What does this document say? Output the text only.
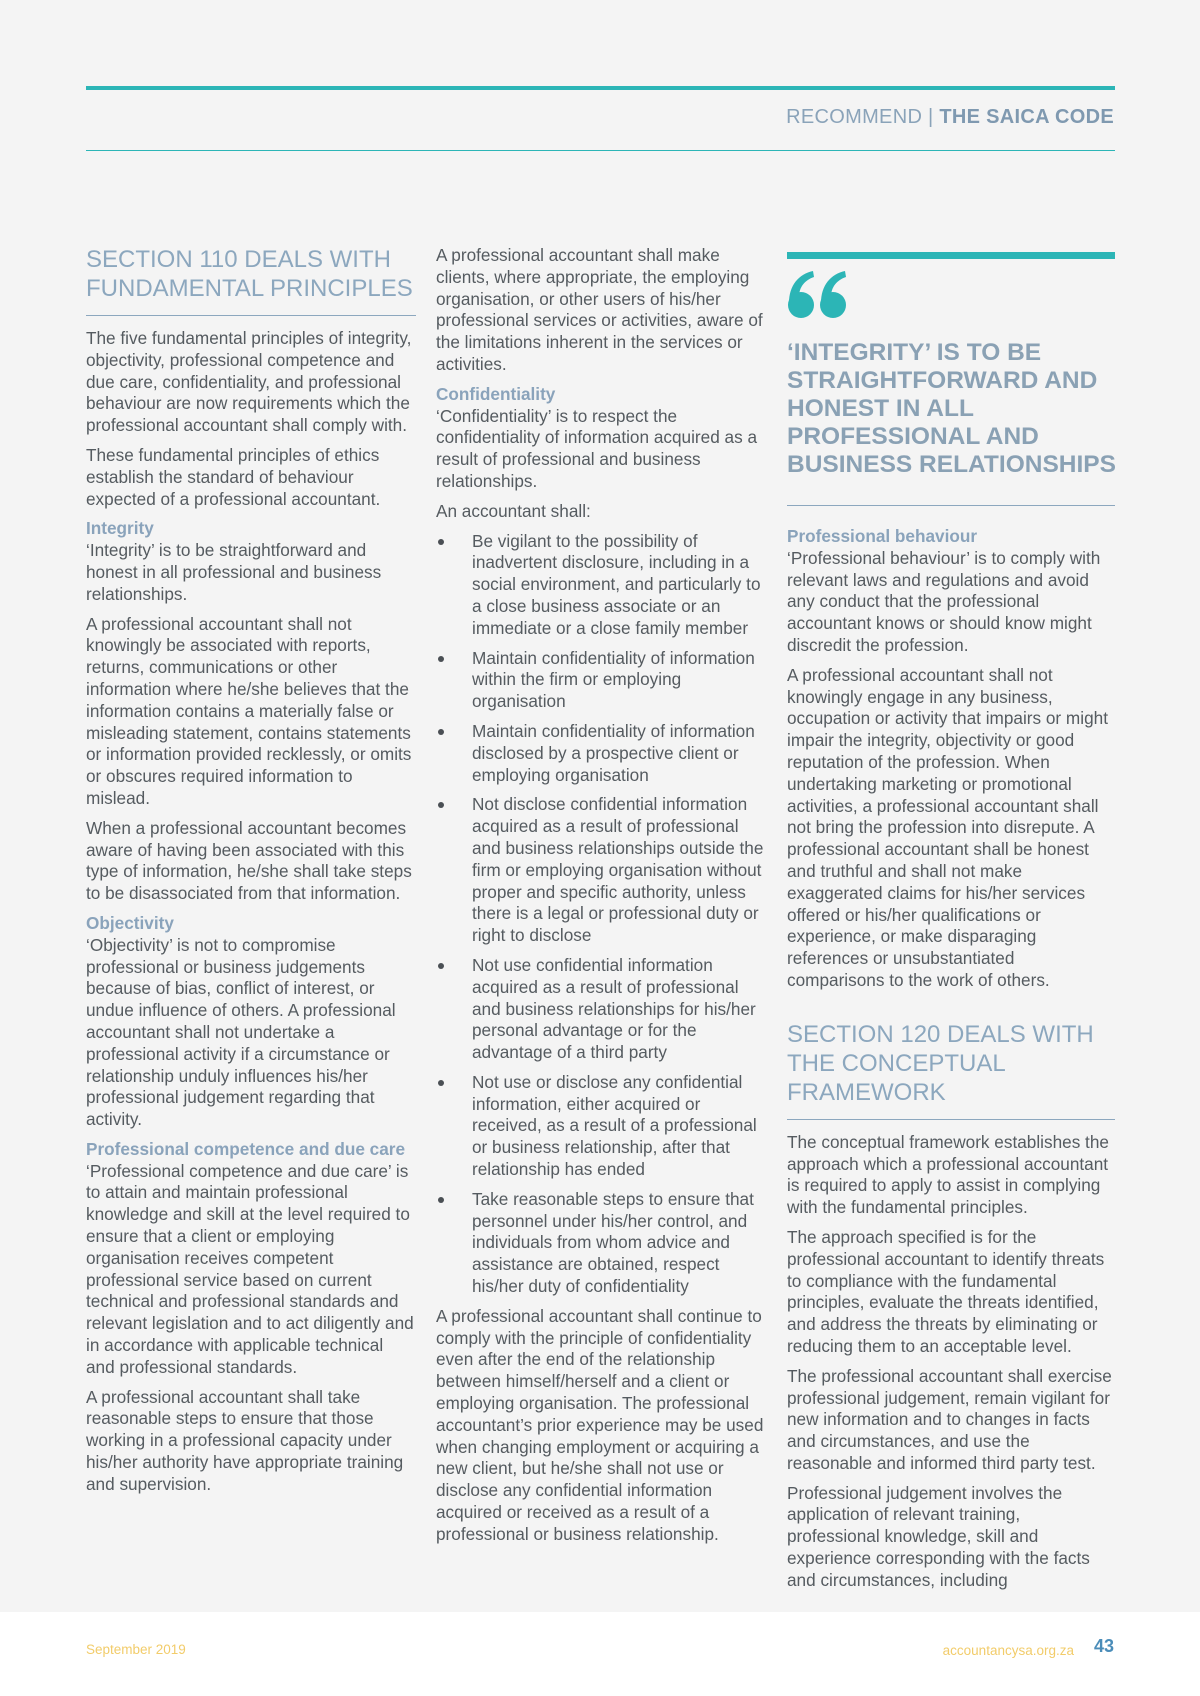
RECOMMEND | THE SAICA CODE
SECTION 110 DEALS WITH FUNDAMENTAL PRINCIPLES

The five fundamental principles of integrity, objectivity, professional competence and due care, confidentiality, and professional behaviour are now requirements which the professional accountant shall comply with.

These fundamental principles of ethics establish the standard of behaviour expected of a professional accountant.

Integrity

‘Integrity’ is to be straightforward and honest in all professional and business relationships.

A professional accountant shall not knowingly be associated with reports, returns, communications or other information where he/she believes that the information contains a materially false or misleading statement, contains statements or information provided recklessly, or omits or obscures required information to mislead.

When a professional accountant becomes aware of having been associated with this type of information, he/she shall take steps to be disassociated from that information.

Objectivity

‘Objectivity’ is not to compromise professional or business judgements because of bias, conflict of interest, or undue influence of others. A professional accountant shall not undertake a professional activity if a circumstance or relationship unduly influences his/her professional judgement regarding that activity.

Professional competence and due care

‘Professional competence and due care’ is to attain and maintain professional knowledge and skill at the level required to ensure that a client or employing organisation receives competent professional service based on current technical and professional standards and relevant legislation and to act diligently and in accordance with applicable technical and professional standards.

A professional accountant shall take reasonable steps to ensure that those working in a professional capacity under his/her authority have appropriate training and supervision.

A professional accountant shall make clients, where appropriate, the employing organisation, or other users of his/her professional services or activities, aware of the limitations inherent in the services or activities.

Confidentiality

‘Confidentiality’ is to respect the confidentiality of information acquired as a result of professional and business relationships.

An accountant shall:

Be vigilant to the possibility of inadvertent disclosure, including in a social environment, and particularly to a close business associate or an immediate or a close family member
Maintain confidentiality of information within the firm or employing organisation
Maintain confidentiality of information disclosed by a prospective client or employing organisation
Not disclose confidential information acquired as a result of professional and business relationships outside the firm or employing organisation without proper and specific authority, unless there is a legal or professional duty or right to disclose
Not use confidential information acquired as a result of professional and business relationships for his/her personal advantage or for the advantage of a third party
Not use or disclose any confidential information, either acquired or received, as a result of a professional or business relationship, after that relationship has ended
Take reasonable steps to ensure that personnel under his/her control, and individuals from whom advice and assistance are obtained, respect his/her duty of confidentiality

A professional accountant shall continue to comply with the principle of confidentiality even after the end of the relationship between himself/herself and a client or employing organisation. The professional accountant’s prior experience may be used when changing employment or acquiring a new client, but he/she shall not use or disclose any confidential information acquired or received as a result of a professional or business relationship.

‘INTEGRITY’ IS TO BE STRAIGHTFORWARD AND HONEST IN ALL PROFESSIONAL AND BUSINESS RELATIONSHIPS
Professional behaviour

‘Professional behaviour’ is to comply with relevant laws and regulations and avoid any conduct that the professional accountant knows or should know might discredit the profession.

A professional accountant shall not knowingly engage in any business, occupation or activity that impairs or might impair the integrity, objectivity or good reputation of the profession. When undertaking marketing or promotional activities, a professional accountant shall not bring the profession into disrepute. A professional accountant shall be honest and truthful and shall not make exaggerated claims for his/her services offered or his/her qualifications or experience, or make disparaging references or unsubstantiated comparisons to the work of others.

SECTION 120 DEALS WITH THE CONCEPTUAL FRAMEWORK

The conceptual framework establishes the approach which a professional accountant is required to apply to assist in complying with the fundamental principles.

The approach specified is for the professional accountant to identify threats to compliance with the fundamental principles, evaluate the threats identified, and address the threats by eliminating or reducing them to an acceptable level.

The professional accountant shall exercise professional judgement, remain vigilant for new information and to changes in facts and circumstances, and use the reasonable and informed third party test.

Professional judgement involves the application of relevant training, professional knowledge, skill and experience corresponding with the facts and circumstances, including

September 2019	accountancysa.org.za 43
